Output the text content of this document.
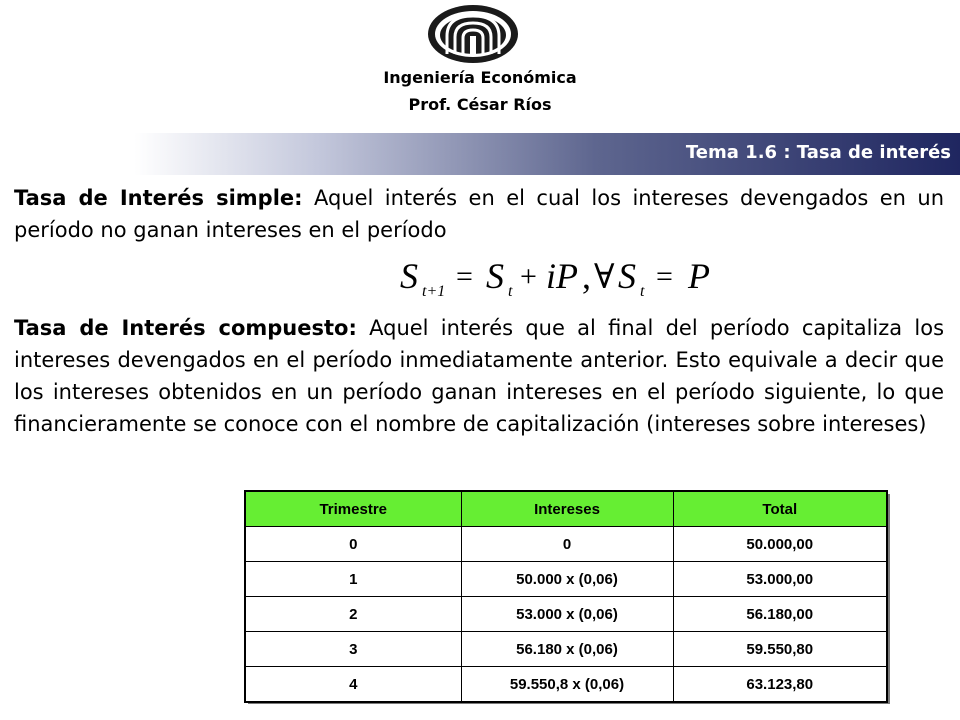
Ingeniería Económica
Prof. César Ríos
Tema 1.6 : Tasa de interés

Tasa de Interés simple: Aquel interés en el cual los intereses devengados en un período no ganan intereses en el período

S t+1 = S t + iP , ∀ S t = P

Tasa de Interés compuesto: Aquel interés que al final del período capitaliza los intereses devengados en el período inmediatamente anterior. Esto equivale a decir que los intereses obtenidos en un período ganan intereses en el período siguiente, lo que financieramente se conoce con el nombre de capitalización (intereses sobre intereses)

Trimestre	Intereses	Total
0	0	50.000,00
1	50.000 x (0,06)	53.000,00
2	53.000 x (0,06)	56.180,00
3	56.180 x (0,06)	59.550,80
4	59.550,8 x (0,06)	63.123,80
